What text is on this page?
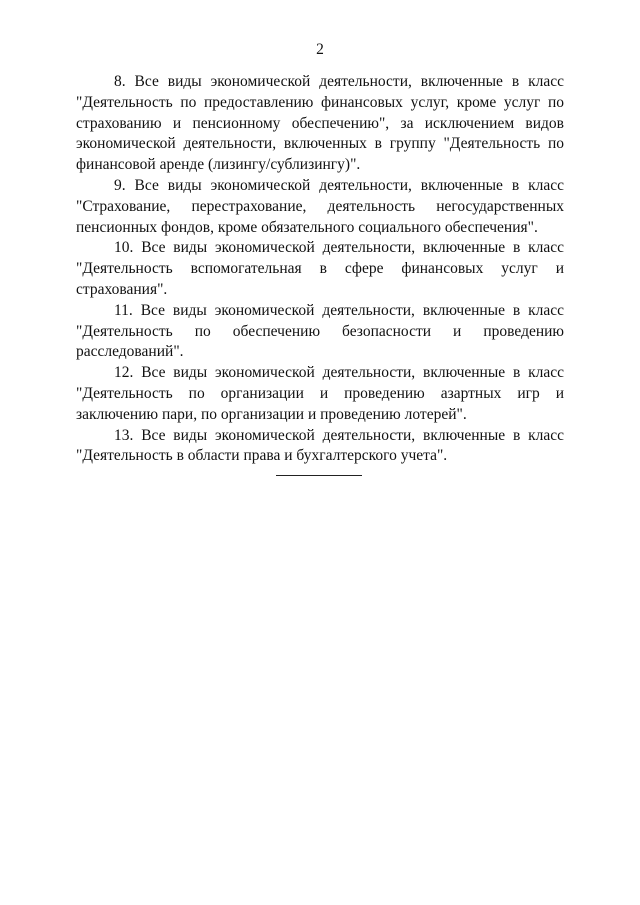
2

8. Все виды экономической деятельности, включенные в класс "Деятельность по предоставлению финансовых услуг, кроме услуг по страхованию и пенсионному обеспечению", за исключением видов экономической деятельности, включенных в группу "Деятельность по финансовой аренде (лизингу/сублизингу)".

9. Все виды экономической деятельности, включенные в класс "Страхование, перестрахование, деятельность негосударственных пенсионных фондов, кроме обязательного социального обеспечения".

10. Все виды экономической деятельности, включенные в класс "Деятельность вспомогательная в сфере финансовых услуг и страхования".

11. Все виды экономической деятельности, включенные в класс "Деятельность по обеспечению безопасности и проведению расследований".

12. Все виды экономической деятельности, включенные в класс "Деятельность по организации и проведению азартных игр и заключению пари, по организации и проведению лотерей".

13. Все виды экономической деятельности, включенные в класс "Деятельность в области права и бухгалтерского учета".
